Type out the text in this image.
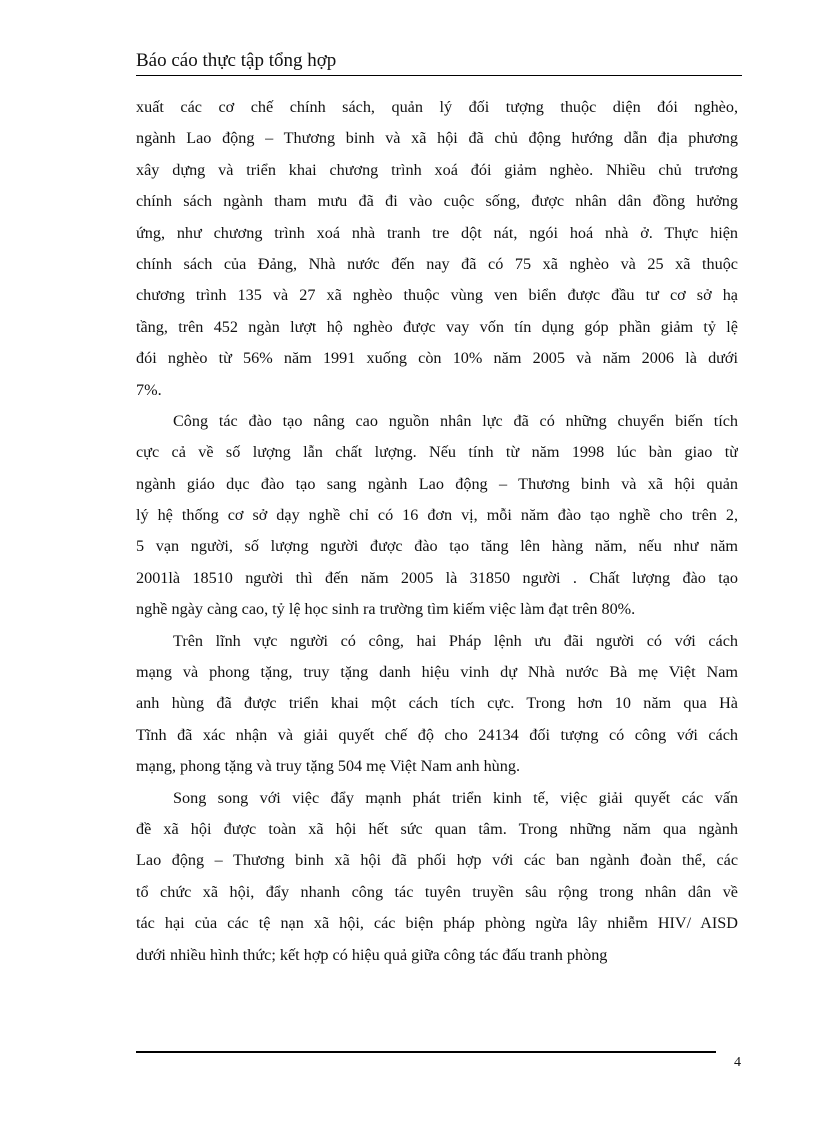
Báo cáo thực tập tổng hợp
xuất các cơ chế chính sách, quản lý đối tượng thuộc diện đói nghèo,
ngành Lao động – Thương binh và xã hội đã chủ động hướng dẫn địa phương
xây dựng và triển khai chương trình xoá đói giảm nghèo. Nhiều chủ trương
chính sách ngành tham mưu đã đi vào cuộc sống, được nhân dân đồng hưởng
ứng, như chương trình xoá nhà tranh tre dột nát, ngói hoá nhà ở. Thực hiện
chính sách của Đảng, Nhà nước đến nay đã có 75 xã nghèo và 25 xã thuộc
chương trình 135 và 27 xã nghèo thuộc vùng ven biển được đầu tư cơ sở hạ
tầng, trên 452 ngàn lượt hộ nghèo được vay vốn tín dụng góp phần giảm tỷ lệ
đói nghèo từ 56% năm 1991 xuống còn 10% năm 2005 và năm 2006 là dưới
7%.
Công tác đào tạo nâng cao nguồn nhân lực đã có những chuyển biến tích
cực cả về số lượng lẫn chất lượng. Nếu tính từ năm 1998 lúc bàn giao từ
ngành giáo dục đào tạo sang ngành Lao động – Thương binh và xã hội quản
lý hệ thống cơ sở dạy nghề chỉ có 16 đơn vị, mỗi năm đào tạo nghề cho trên 2,
5 vạn người, số lượng người được đào tạo tăng lên hàng năm, nếu như năm
2001là 18510 người thì đến năm 2005 là 31850 người . Chất lượng đào tạo
nghề ngày càng cao, tỷ lệ học sinh ra trường tìm kiếm việc làm đạt trên 80%.
Trên lĩnh vực người có công, hai Pháp lệnh ưu đãi người có với cách
mạng và phong tặng, truy tặng danh hiệu vinh dự Nhà nước Bà mẹ Việt Nam
anh hùng đã được triển khai một cách tích cực. Trong hơn 10 năm qua Hà
Tĩnh đã xác nhận và giải quyết chế độ cho 24134 đối tượng có công với cách
mạng, phong tặng và truy tặng 504 mẹ Việt Nam anh hùng.
Song song với việc đẩy mạnh phát triển kinh tế, việc giải quyết các vấn
đề xã hội được toàn xã hội hết sức quan tâm. Trong những năm qua ngành
Lao động – Thương binh xã hội đã phối hợp với các ban ngành đoàn thể, các
tổ chức xã hội, đẩy nhanh công tác tuyên truyền sâu rộng trong nhân dân về
tác hại của các tệ nạn xã hội, các biện pháp phòng ngừa lây nhiễm HIV/ AISD
dưới nhiều hình thức; kết hợp có hiệu quả giữa công tác đấu tranh phòng
4
